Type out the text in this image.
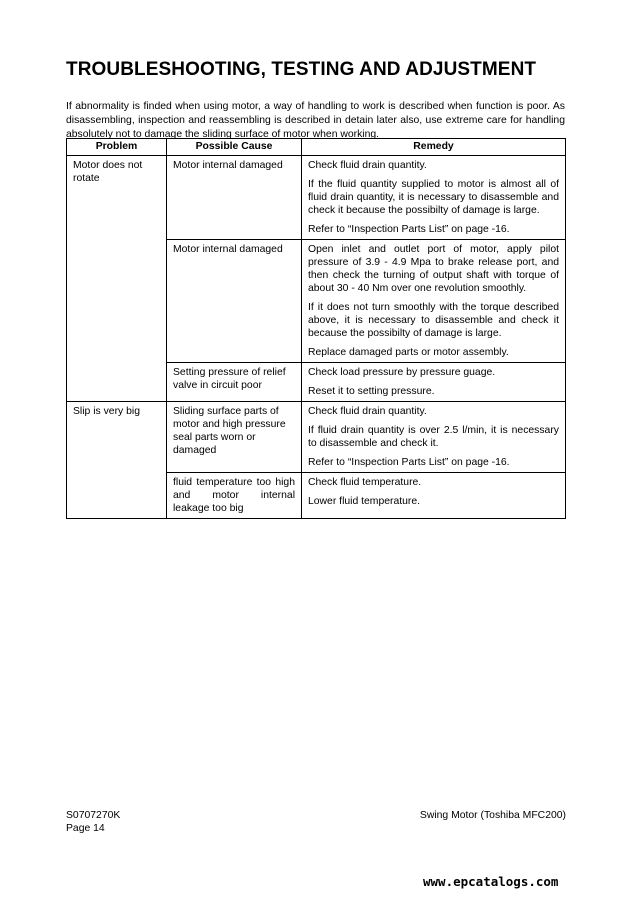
TROUBLESHOOTING, TESTING AND ADJUSTMENT

If abnormality is finded when using motor, a way of handling to work is described when function is poor. As disassembling, inspection and reassembling is described in detain later also, use extreme care for handling absolutely not to damage the sliding surface of motor when working.

Problem	Possible Cause	Remedy
Motor does not rotate	Motor internal damaged	Check fluid drain quantity.

If the fluid quantity supplied to motor is almost all of fluid drain quantity, it is necessary to disassemble and check it because the possibilty of damage is large.

Refer to “Inspection Parts List” on page -16.

	Motor internal damaged	Open inlet and outlet port of motor, apply pilot pressure of 3.9 - 4.9 Mpa to brake release port, and then check the turning of output shaft with torque of about 30 - 40 Nm over one revolution smoothly.

If it does not turn smoothly with the torque described above, it is necessary to disassemble and check it because the possibilty of damage is large.

Replace damaged parts or motor assembly.

	Setting pressure of relief valve in circuit poor	Check load pressure by pressure guage.

Reset it to setting pressure.

Slip is very big	Sliding surface parts of motor and high pressure seal parts worn or damaged	Check fluid drain quantity.

If fluid drain quantity is over 2.5 l/min, it is necessary to disassemble and check it.

Refer to “Inspection Parts List” on page -16.

	fluid temperature too high and motor internal leakage too big	Check fluid temperature.

Lower fluid temperature.

S0707270K
Page 14
Swing Motor (Toshiba MFC200)
www.epcatalogs.com
